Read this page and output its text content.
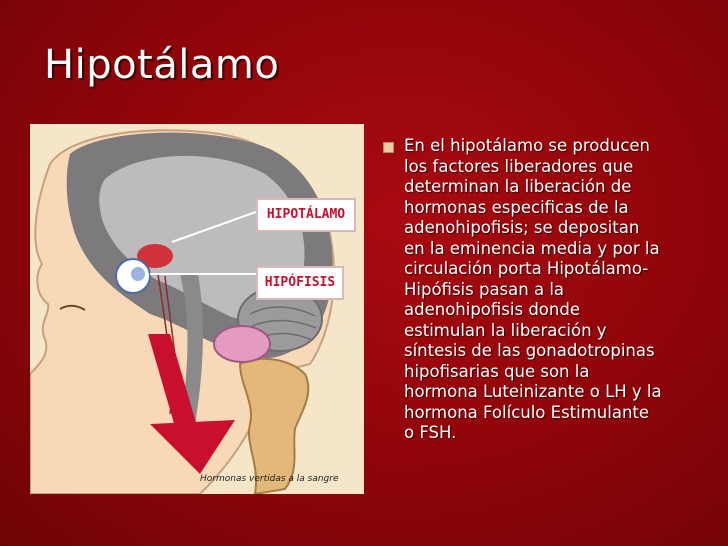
Hipotálamo
HIPOTÁLAMO
HIPÓFISIS
Hormonas vertidas a la sangre
En el hipotálamo se producen
los factores liberadores que
determinan la liberación de
hormonas especificas de la
adenohipofisis; se depositan
en la eminencia media y por la
circulación porta Hipotálamo-
Hipófisis pasan a la
adenohipofisis donde
estimulan la liberación y
síntesis de las gonadotropinas
hipofisarias que son la
hormona Luteinizante o LH y la
hormona Folículo Estimulante
o FSH.
